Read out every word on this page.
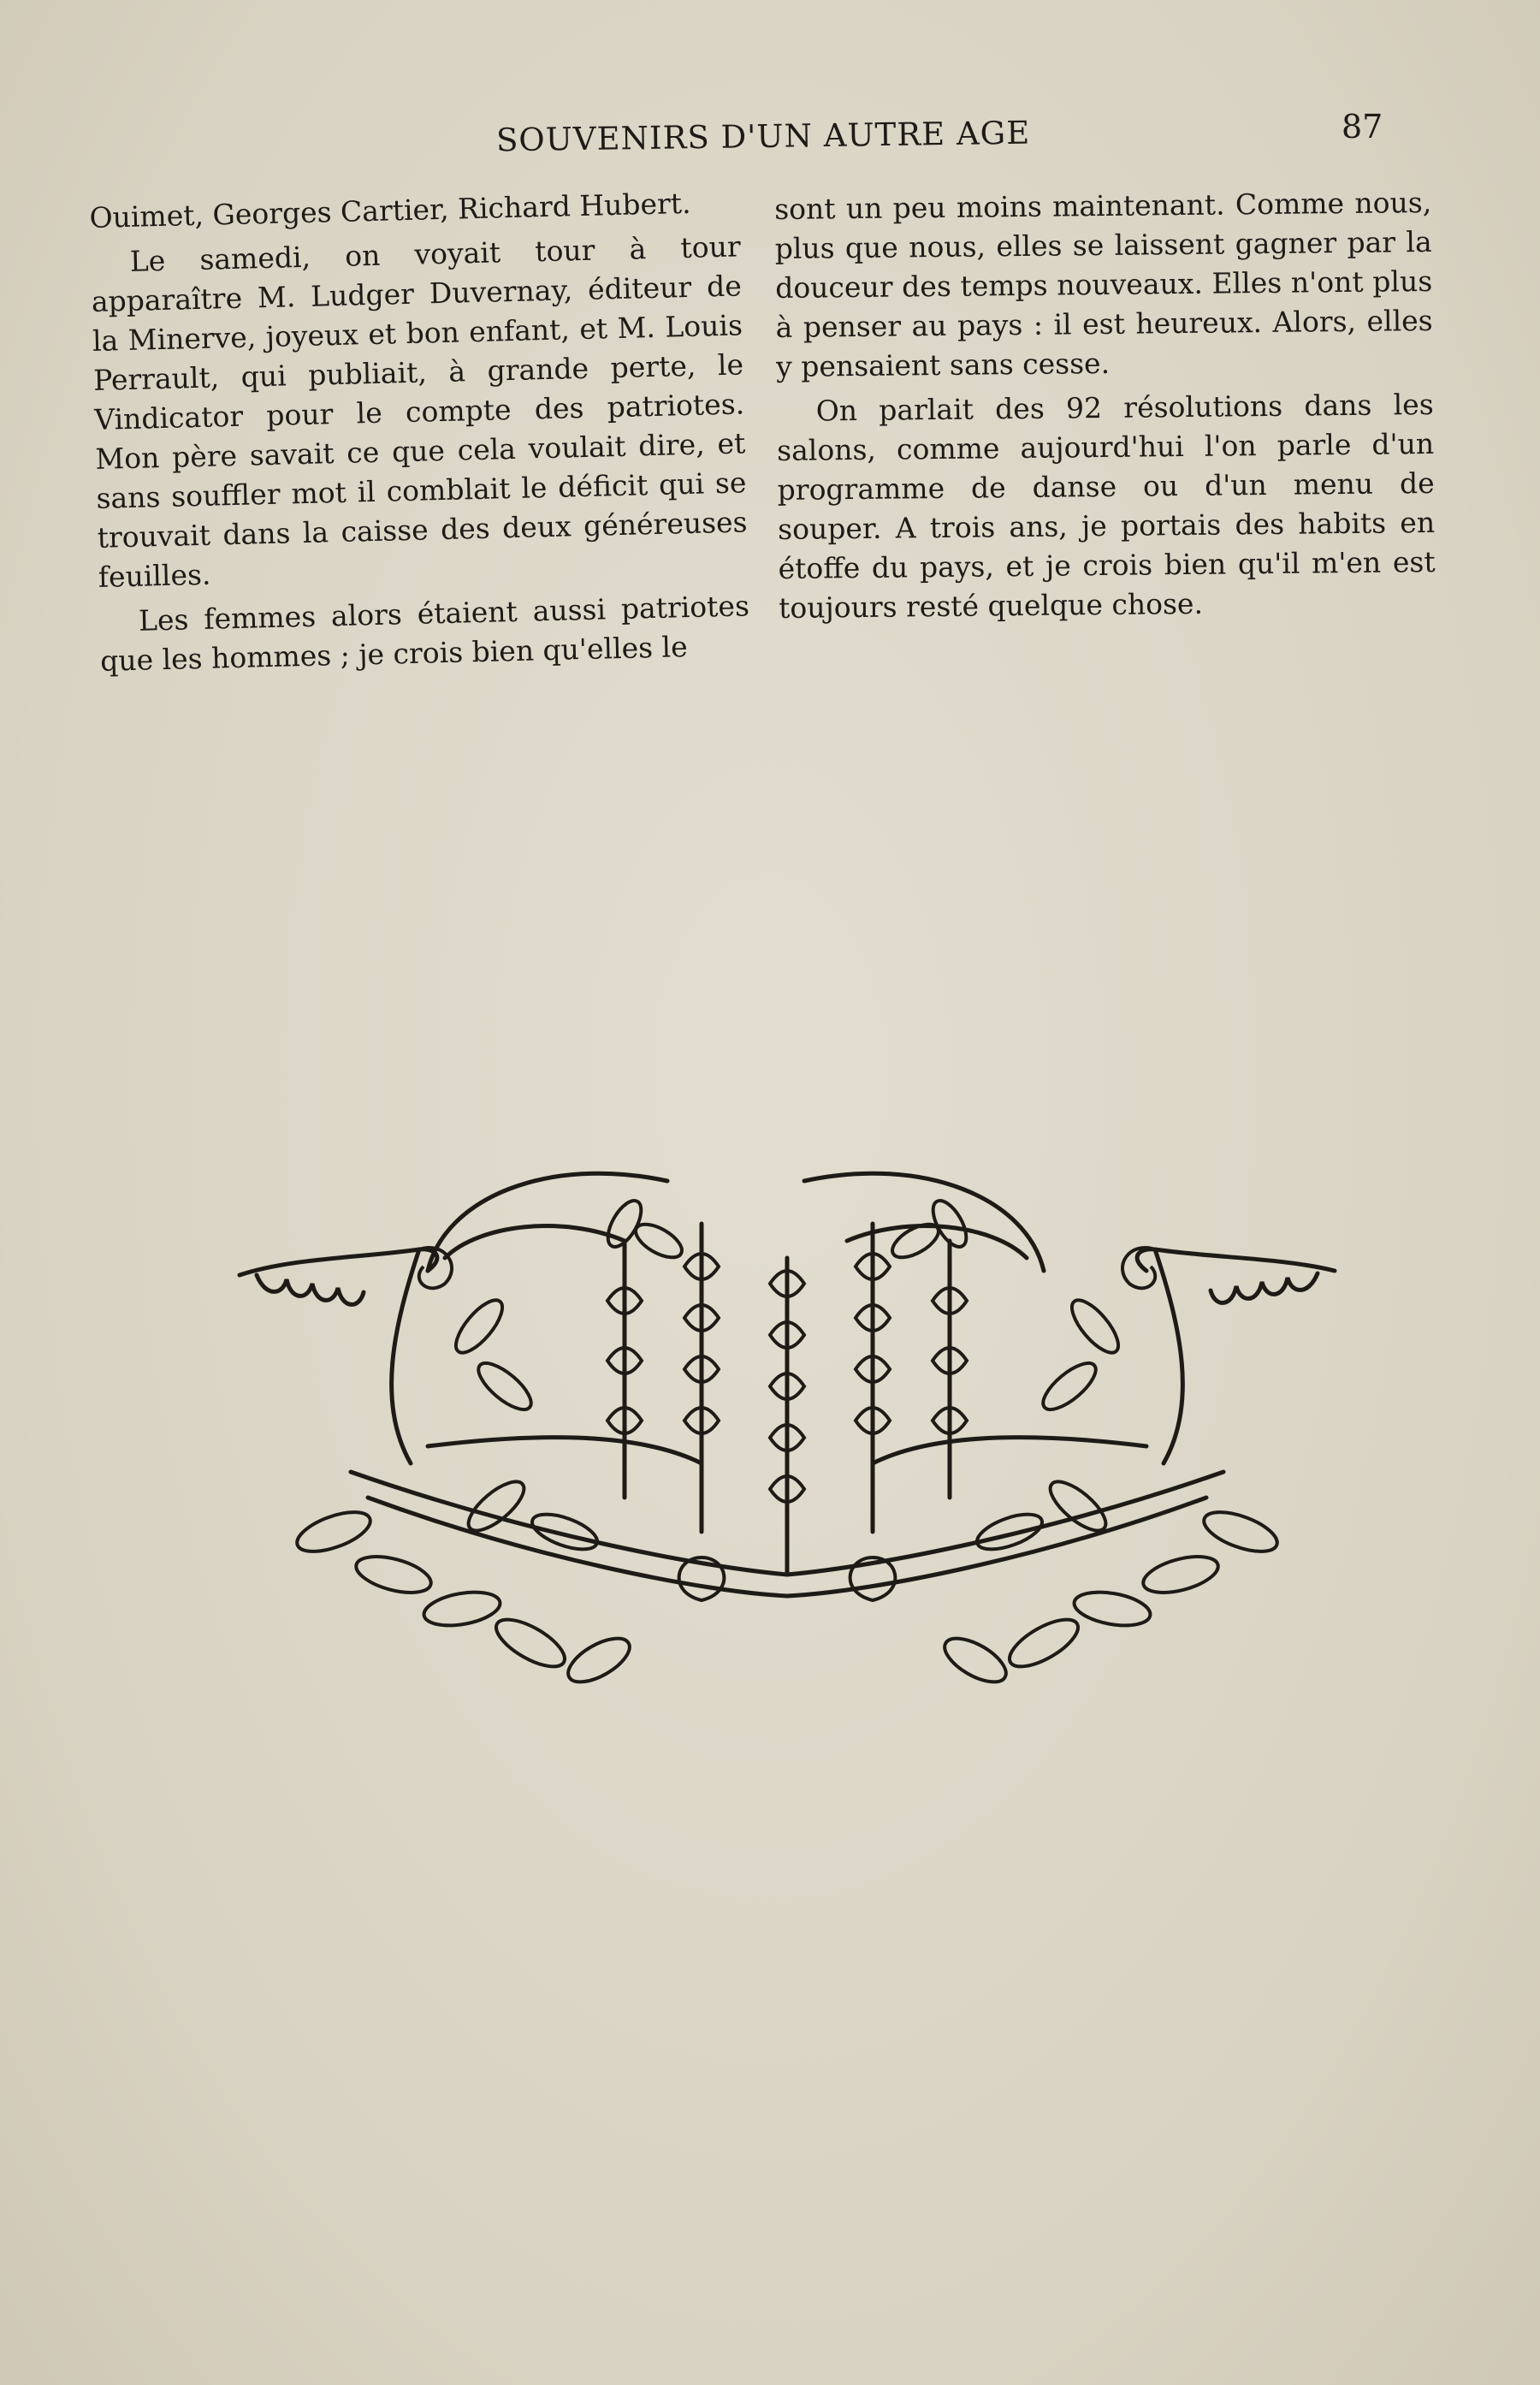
SOUVENIRS D'UN AUTRE AGE	87

Ouimet, Georges Cartier, Richard Hubert.

Le samedi, on voyait tour à tour apparaître M. Ludger Duvernay, éditeur de la Minerve, joyeux et bon enfant, et M. Louis Perrault, qui publiait, à grande perte, le Vindicator pour le compte des patriotes. Mon père savait ce que cela voulait dire, et sans souffler mot il comblait le déficit qui se trouvait dans la caisse des deux généreuses feuilles.

Les femmes alors étaient aussi patriotes que les hommes ; je crois bien qu'elles le

sont un peu moins maintenant. Comme nous, plus que nous, elles se laissent gagner par la douceur des temps nouveaux. Elles n'ont plus à penser au pays : il est heureux. Alors, elles y pensaient sans cesse.

On parlait des 92 résolutions dans les salons, comme aujourd'hui l'on parle d'un programme de danse ou d'un menu de souper. A trois ans, je portais des habits en étoffe du pays, et je crois bien qu'il m'en est toujours resté quelque chose.
